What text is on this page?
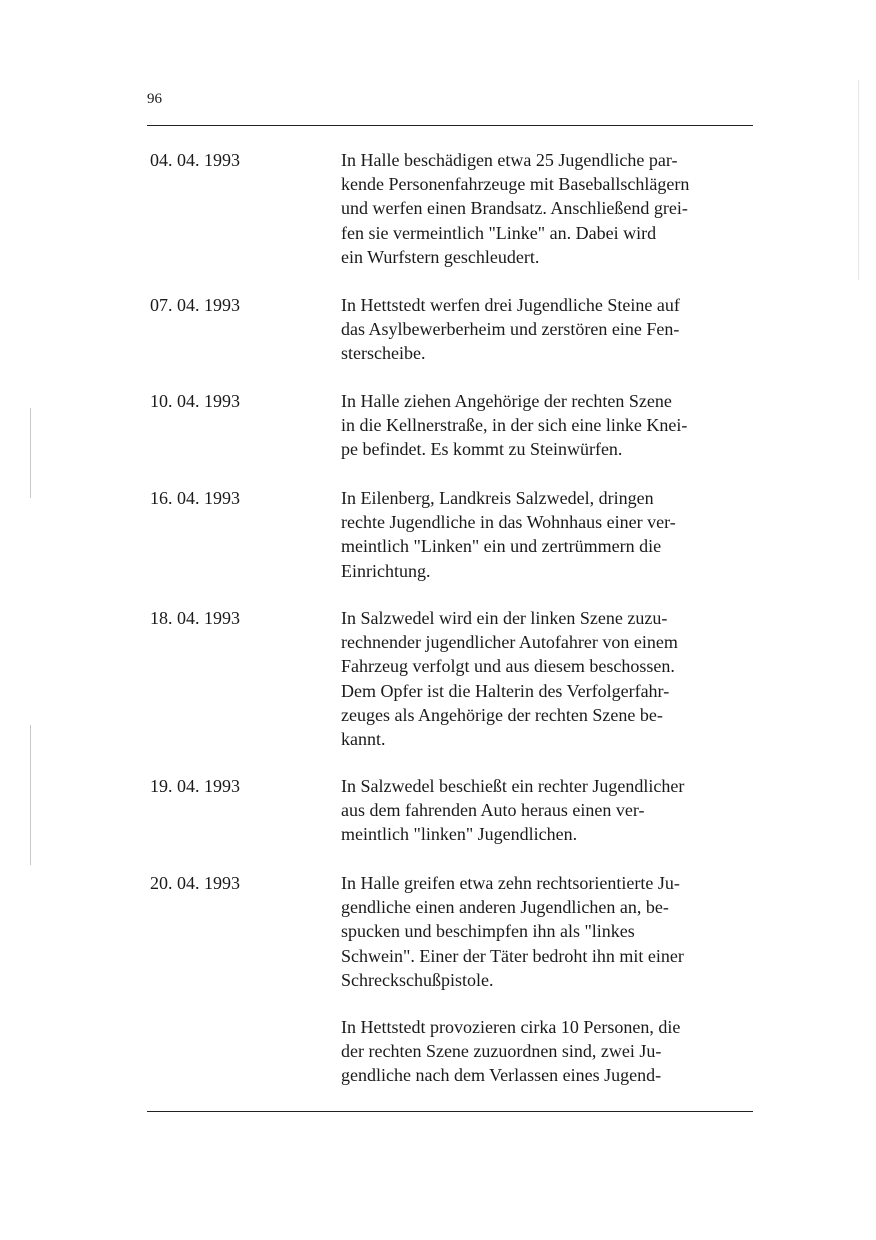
96
04. 04. 1993	In Halle beschädigen etwa 25 Jugendliche par-
kende Personenfahrzeuge mit Baseballschlägern
und werfen einen Brandsatz. Anschließend grei-
fen sie vermeintlich "Linke" an. Dabei wird
ein Wurfstern geschleudert.
07. 04. 1993	In Hettstedt werfen drei Jugendliche Steine auf
das Asylbewerberheim und zerstören eine Fen-
sterscheibe.
10. 04. 1993	In Halle ziehen Angehörige der rechten Szene
in die Kellnerstraße, in der sich eine linke Knei-
pe befindet. Es kommt zu Steinwürfen.
16. 04. 1993	In Eilenberg, Landkreis Salzwedel, dringen
rechte Jugendliche in das Wohnhaus einer ver-
meintlich "Linken" ein und zertrümmern die
Einrichtung.
18. 04. 1993	In Salzwedel wird ein der linken Szene zuzu-
rechnender jugendlicher Autofahrer von einem
Fahrzeug verfolgt und aus diesem beschossen.
Dem Opfer ist die Halterin des Verfolgerfahr-
zeuges als Angehörige der rechten Szene be-
kannt.
19. 04. 1993	In Salzwedel beschießt ein rechter Jugendlicher
aus dem fahrenden Auto heraus einen ver-
meintlich "linken" Jugendlichen.
20. 04. 1993	In Halle greifen etwa zehn rechtsorientierte Ju-
gendliche einen anderen Jugendlichen an, be-
spucken und beschimpfen ihn als "linkes
Schwein". Einer der Täter bedroht ihn mit einer
Schreckschußpistole.
In Hettstedt provozieren cirka 10 Personen, die
der rechten Szene zuzuordnen sind, zwei Ju-
gendliche nach dem Verlassen eines Jugend-
